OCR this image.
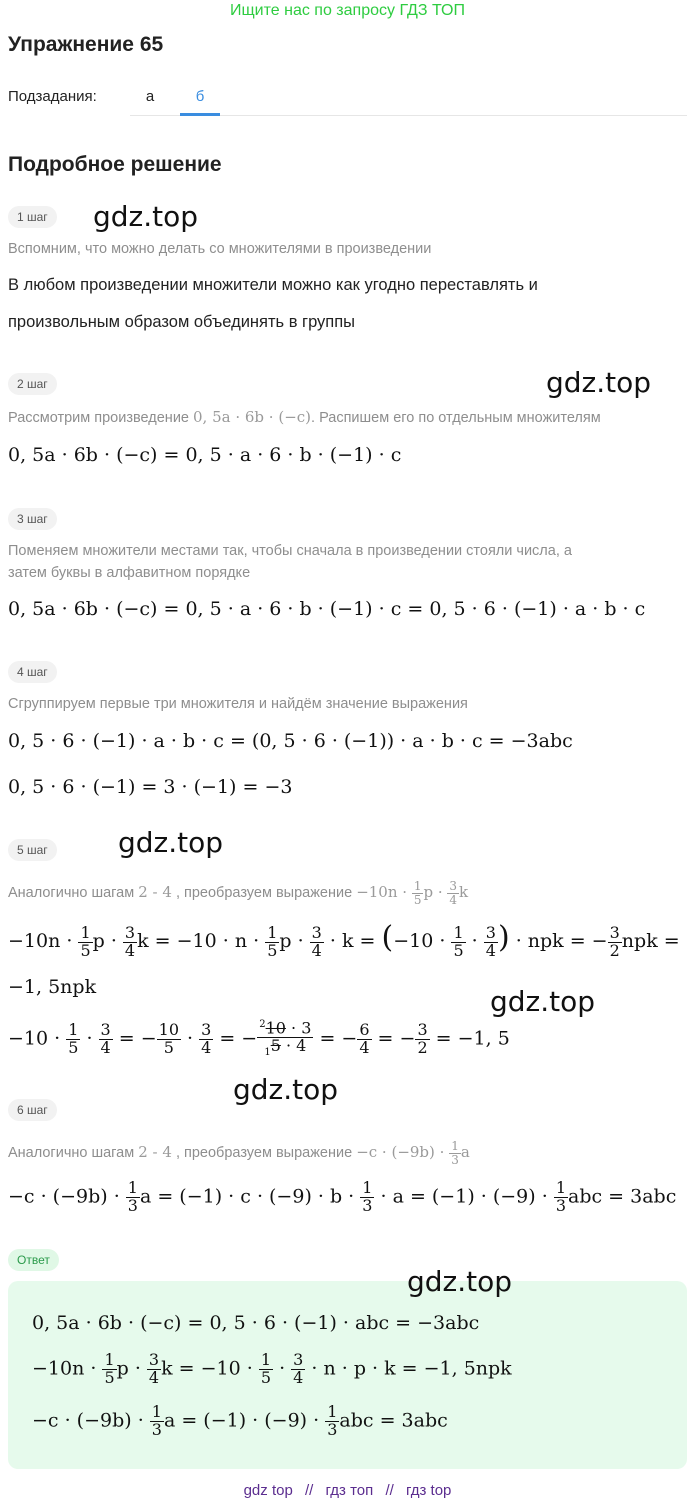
Ищите нас по запросу ГДЗ ТОП
Упражнение 65
Подзадания:	а	б
Подробное решение
1 шаг	gdz.top
Вспомним, что можно делать со множителями в произведении
В любом произведении множители можно как угодно переставлять и
произвольным образом объединять в группы
2 шаг	gdz.top
Рассмотрим произведение 0, 5a · 6b · (−c). Распишем его по отдельным множителям
0, 5a · 6b · (−c) = 0, 5 · a · 6 · b · (−1) · c
3 шаг
Поменяем множители местами так, чтобы сначала в произведении стояли числа, а
затем буквы в алфавитном порядке
0, 5a · 6b · (−c) = 0, 5 · a · 6 · b · (−1) · c = 0, 5 · 6 · (−1) · a · b · c
4 шаг
Сгруппируем первые три множителя и найдём значение выражения
0, 5 · 6 · (−1) · a · b · c = (0, 5 · 6 · (−1)) · a · b · c = −3abc
0, 5 · 6 · (−1) = 3 · (−1) = −3
5 шаг	gdz.top
Аналогично шагам 2 - 4 , преобразуем выражение $-10n \cdot \frac{1}{5}$ $p \cdot \frac{3}{4}$ k
$-10n \cdot \frac{1}{5}$ $p \cdot \frac{3}{4}$ $k = -10 \cdot n \cdot \frac{1}{5}$ $p \cdot \frac{3}{4} \cdot k = (-10 \cdot \frac{1}{5} \cdot \frac{3}{4}$ ) · npk = − $\frac{3}{2}$ npk =
−1, 5npk	gdz.top
$-10 \cdot \frac{1}{5} \cdot \frac{3}{4}$ = − $\frac{10}{5} \cdot \frac{3}{4}$ = − $\frac{^210 \cdot 3}{_15 \cdot 4}$ = − $\frac{6}{4}$ = − $\frac{3}{2} = -1$, 5
gdz.top
6 шаг
Аналогично шагам 2 - 4 , преобразуем выражение $-c \cdot (-9b) \cdot \frac{1}{3}$ a
$-c \cdot (-9b) \cdot \frac{1}{3}$ $a = (-1) \cdot c \cdot (-9) \cdot b \cdot \frac{1}{3} \cdot a = (-1) \cdot (-9) \cdot \frac{1}{3}$ abc = 3abc
Ответ
gdz.top
0, 5a · 6b · (−c) = 0, 5 · 6 · (−1) · abc = −3abc
$-10n \cdot \frac{1}{5}$ $p \cdot \frac{3}{4}$ $k = -10 \cdot \frac{1}{5} \cdot \frac{3}{4} \cdot n \cdot p \cdot k = -1$, 5npk
$-c \cdot (-9b) \cdot \frac{1}{3}$ $a = (-1) \cdot (-9) \cdot \frac{1}{3}$ abc = 3abc
gdz top // гдз топ // гдз top
